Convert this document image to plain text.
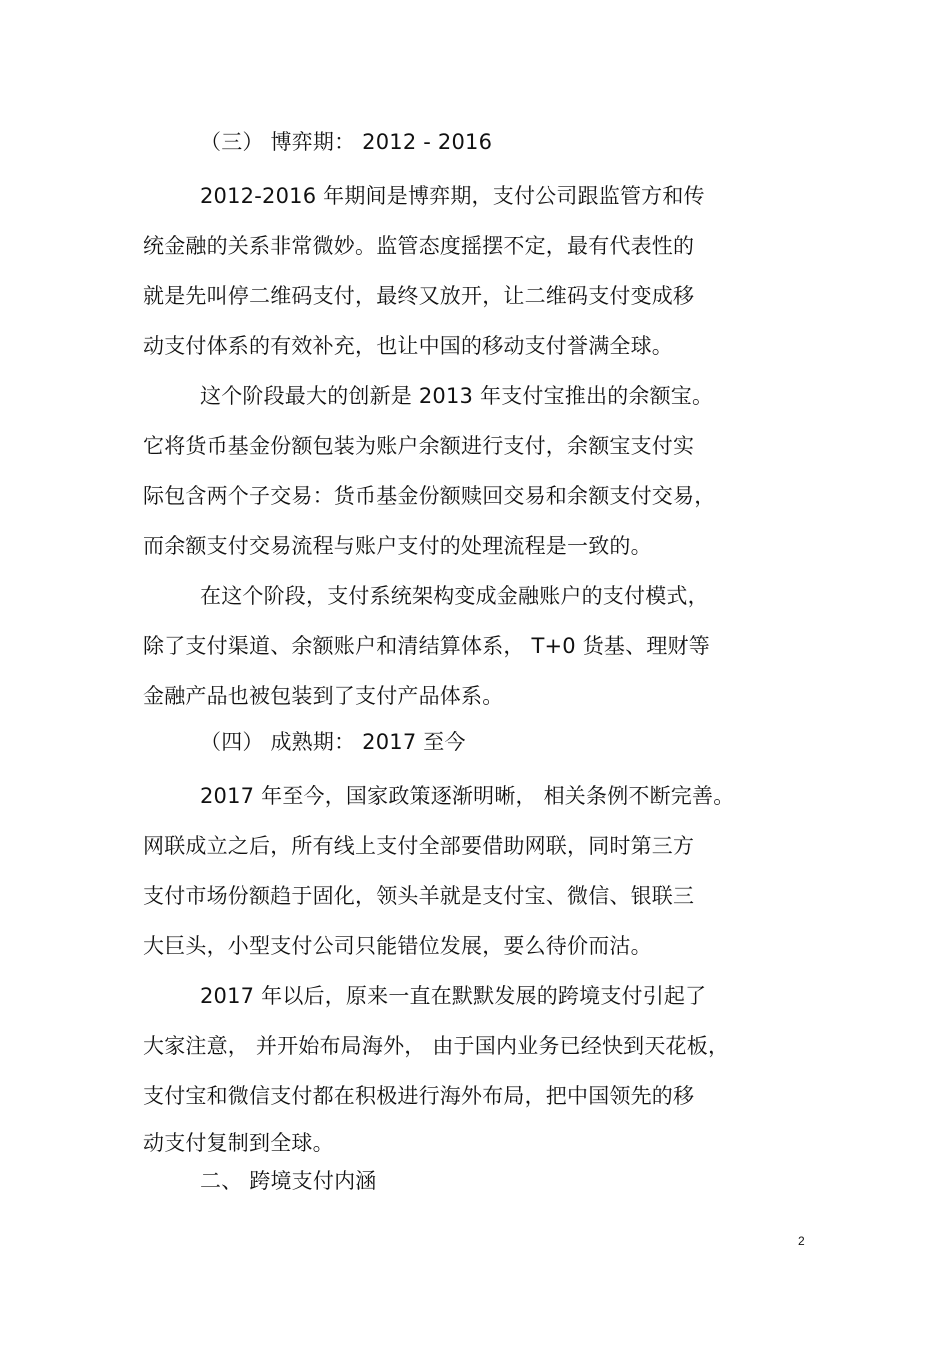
（三） 博弈期： 2012 - 2016
2012-2016 年期间是博弈期，支付公司跟监管方和传
统金融的关系非常微妙。监管态度摇摆不定，最有代表性的
就是先叫停二维码支付，最终又放开，让二维码支付变成移
动支付体系的有效补充，也让中国的移动支付誉满全球。
这个阶段最大的创新是 2013 年支付宝推出的余额宝。
它将货币基金份额包装为账户余额进行支付，余额宝支付实
际包含两个子交易：货币基金份额赎回交易和余额支付交易，
而余额支付交易流程与账户支付的处理流程是一致的。
在这个阶段，支付系统架构变成金融账户的支付模式，
除了支付渠道、余额账户和清结算体系， T+0 货基、理财等
金融产品也被包装到了支付产品体系。
（四） 成熟期： 2017 至今
2017 年至今，国家政策逐渐明晰， 相关条例不断完善。
网联成立之后，所有线上支付全部要借助网联，同时第三方
支付市场份额趋于固化，领头羊就是支付宝、微信、银联三
大巨头，小型支付公司只能错位发展，要么待价而沽。
2017 年以后，原来一直在默默发展的跨境支付引起了
大家注意， 并开始布局海外， 由于国内业务已经快到天花板，
支付宝和微信支付都在积极进行海外布局，把中国领先的移
动支付复制到全球。
二、 跨境支付内涵
2
